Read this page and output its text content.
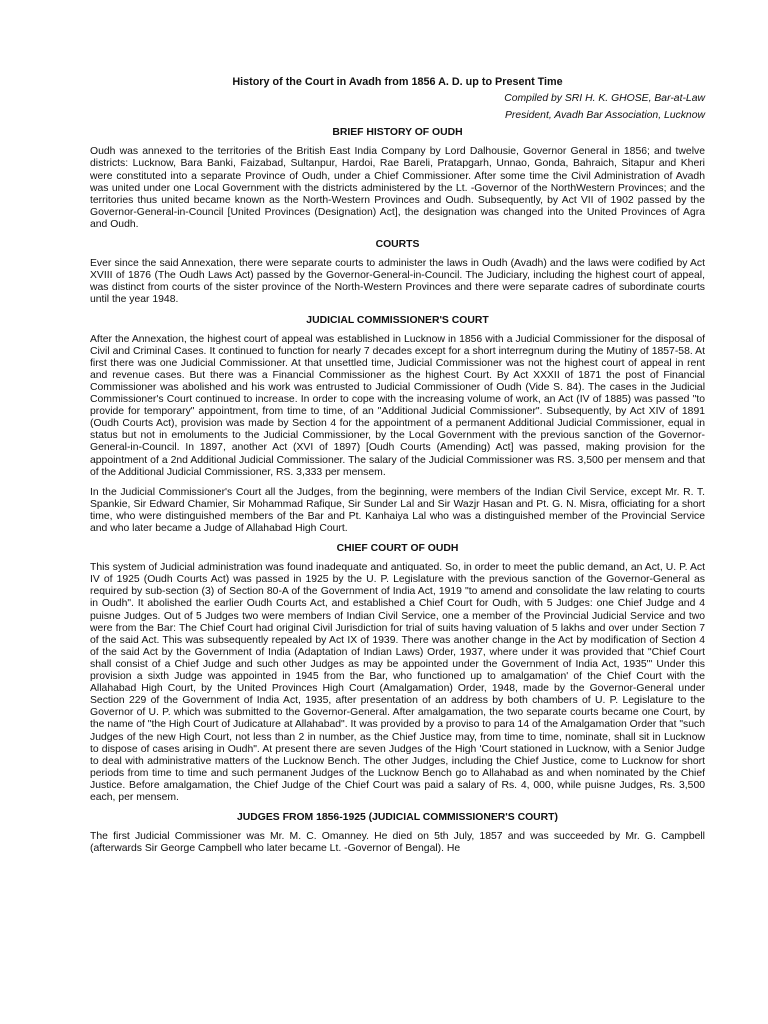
History of the Court in Avadh from 1856 A. D. up to Present Time
Compiled by SRI H. K. GHOSE, Bar-at-Law
President, Avadh Bar Association, Lucknow
BRIEF HISTORY OF OUDH

Oudh was annexed to the territories of the British East India Company by Lord Dalhousie, Governor General in 1856; and twelve districts: Lucknow, Bara Banki, Faizabad, Sultanpur, Hardoi, Rae Bareli, Pratapgarh, Unnao, Gonda, Bahraich, Sitapur and Kheri were constituted into a separate Province of Oudh, under a Chief Commissioner. After some time the Civil Administration of Avadh was united under one Local Government with the districts administered by the Lt. -Governor of the NorthWestern Provinces; and the territories thus united became known as the North-Western Provinces and Oudh. Subsequently, by Act VII of 1902 passed by the Governor-General-in-Council [United Provinces (Designation) Act], the designation was changed into the United Provinces of Agra and Oudh.

COURTS

Ever since the said Annexation, there were separate courts to administer the laws in Oudh (Avadh) and the laws were codified by Act XVIII of 1876 (The Oudh Laws Act) passed by the Governor-General-in-Council. The Judiciary, including the highest court of appeal, was distinct from courts of the sister province of the North-Western Provinces and there were separate cadres of subordinate courts until the year 1948.

JUDICIAL COMMISSIONER'S COURT

After the Annexation, the highest court of appeal was established in Lucknow in 1856 with a Judicial Commissioner for the disposal of Civil and Criminal Cases. It continued to function for nearly 7 decades except for a short interregnum during the Mutiny of 1857-58. At first there was one Judicial Commissioner. At that unsettled time, Judicial Commissioner was not the highest court of appeal in rent and revenue cases. But there was a Financial Commissioner as the highest Court. By Act XXXII of 1871 the post of Financial Commissioner was abolished and his work was entrusted to Judicial Commissioner of Oudh (Vide S. 84). The cases in the Judicial Commissioner's Court continued to increase. In order to cope with the increasing volume of work, an Act (IV of 1885) was passed "to provide for temporary" appointment, from time to time, of an "Additional Judicial Commissioner". Subsequently, by Act XIV of 1891 (Oudh Courts Act), provision was made by Section 4 for the appointment of a permanent Additional Judicial Commissioner, equal in status but not in emoluments to the Judicial Commissioner, by the Local Government with the previous sanction of the Governor-General-in-Council. In 1897, another Act (XVI of 1897) [Oudh Courts (Amending) Act] was passed, making provision for the appointment of a 2nd Additional Judicial Commissioner. The salary of the Judicial Commissioner was RS. 3,500 per mensem and that of the Additional Judicial Commissioner, RS. 3,333 per mensem.

In the Judicial Commissioner's Court all the Judges, from the beginning, were members of the Indian Civil Service, except Mr. R. T. Spankie, Sir Edward Chamier, Sir Mohammad Rafique, Sir Sunder Lal and Sir Wazjr Hasan and Pt. G. N. Misra, officiating for a short time, who were distinguished members of the Bar and Pt. Kanhaiya Lal who was a distinguished member of the Provincial Service and who later became a Judge of Allahabad High Court.

CHIEF COURT OF OUDH

This system of Judicial administration was found inadequate and antiquated. So, in order to meet the public demand, an Act, U. P. Act IV of 1925 (Oudh Courts Act) was passed in 1925 by the U. P. Legislature with the previous sanction of the Governor-General as required by sub-section (3) of Section 80-A of the Government of India Act, 1919 "to amend and consolidate the law relating to courts in Oudh". It abolished the earlier Oudh Courts Act, and established a Chief Court for Oudh, with 5 Judges: one Chief Judge and 4 puisne Judges. Out of 5 Judges two were members of Indian Civil Service, one a member of the Provincial Judicial Service and two were from the Bar: The Chief Court had original Civil Jurisdiction for trial of suits having valuation of 5 lakhs and over under Section 7 of the said Act. This was subsequently repealed by Act IX of 1939. There was another change in the Act by modification of Section 4 of the said Act by the Government of India (Adaptation of Indian Laws) Order, 1937, where under it was provided that "Chief Court shall consist of a Chief Judge and such other Judges as may be appointed under the Government of India Act, 1935"' Under this provision a sixth Judge was appointed in 1945 from the Bar, who functioned up to amalgamation' of the Chief Court with the Allahabad High Court, by the United Provinces High Court (Amalgamation) Order, 1948, made by the Governor-General under Section 229 of the Government of India Act, 1935, after presentation of an address by both chambers of U. P. Legislature to the Governor of U. P. which was submitted to the Governor-General. After amalgamation, the two separate courts became one Court, by the name of "the High Court of Judicature at Allahabad". It was provided by a proviso to para 14 of the Amalgamation Order that "such Judges of the new High Court, not less than 2 in number, as the Chief Justice may, from time to time, nominate, shall sit in Lucknow to dispose of cases arising in Oudh". At present there are seven Judges of the High 'Court stationed in Lucknow, with a Senior Judge to deal with administrative matters of the Lucknow Bench. The other Judges, including the Chief Justice, come to Lucknow for short periods from time to time and such permanent Judges of the Lucknow Bench go to Allahabad as and when nominated by the Chief Justice. Before amalgamation, the Chief Judge of the Chief Court was paid a salary of Rs. 4, 000, while puisne Judges, Rs. 3,500 each, per mensem.

JUDGES FROM 1856-1925 (JUDICIAL COMMISSIONER'S COURT)

The first Judicial Commissioner was Mr. M. C. Omanney. He died on 5th July, 1857 and was succeeded by Mr. G. Campbell (afterwards Sir George Campbell who later became Lt. -Governor of Bengal). He
